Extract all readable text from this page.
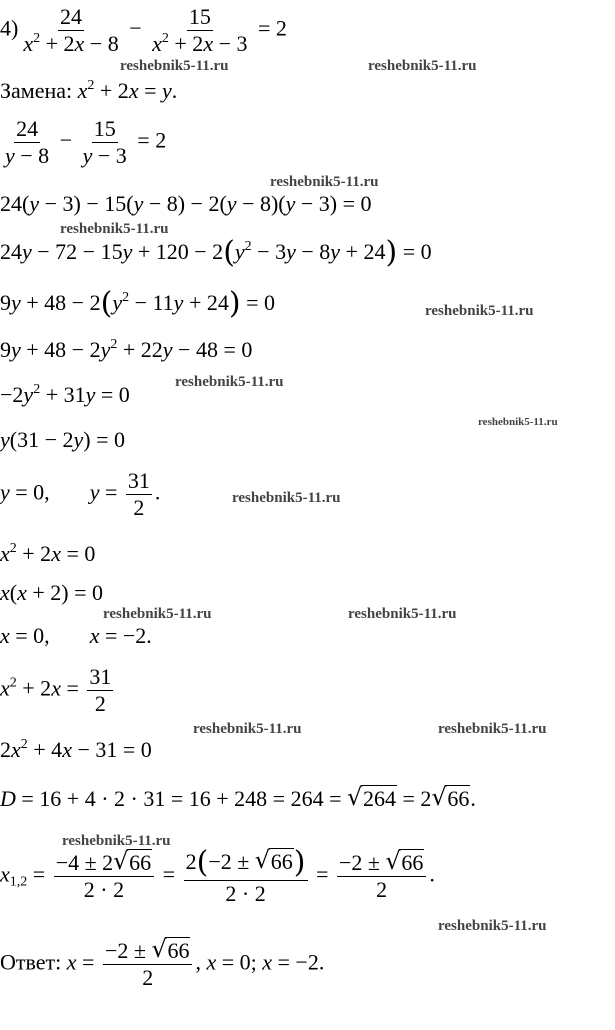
$4) \frac{24}{x^2 + 2x - 8} - \frac{15}{x^2 + 2x - 3} = 2$
Замена: $x^2 + 2x = y$.
$\frac{24}{y - 8} - \frac{15}{y - 3} = 2$
24(y − 3) − 15(y − 8) − 2(y − 8)(y − 3) = 0
$24y - 72 - 15y + 120 - 2(y^2 - 3y - 8y + 24) = 0$
$9y + 48 - 2(y^2 - 11y + 24) = 0$
$9y + 48 - 2y^2 + 22y - 48 = 0$
$-2y^2 + 31y = 0$
y(31 − 2y) = 0
y = 0, $y = \frac{31}{2}$ .
$x^2 + 2x = 0$
x(x + 2) = 0
x = 0, x = −2.
$x^2 + 2x = \frac{31}{2}$
$2x^2 + 4x - 31 = 0$
D = 16 + 4 · 2 · 31 = 16 + 248 = 264 = √ 264 = 2 √ 66.
$x_{1,2} = \frac{-4 \pm 2 √ 66}{2 \cdot 2} = \frac{2(-2 \pm √ 66)}{2 \cdot 2} = \frac{-2 \pm √ 66}{2}$ .
Ответ: $x = \frac{-2 \pm √ 66}{2}$ , x = 0; x = −2.
reshebnik5-11.ru	reshebnik5-11.ru
reshebnik5-11.ru
reshebnik5-11.ru
reshebnik5-11.ru
reshebnik5-11.ru
reshebnik5-11.ru
reshebnik5-11.ru
reshebnik5-11.ru	reshebnik5-11.ru
reshebnik5-11.ru	reshebnik5-11.ru
reshebnik5-11.ru
reshebnik5-11.ru
